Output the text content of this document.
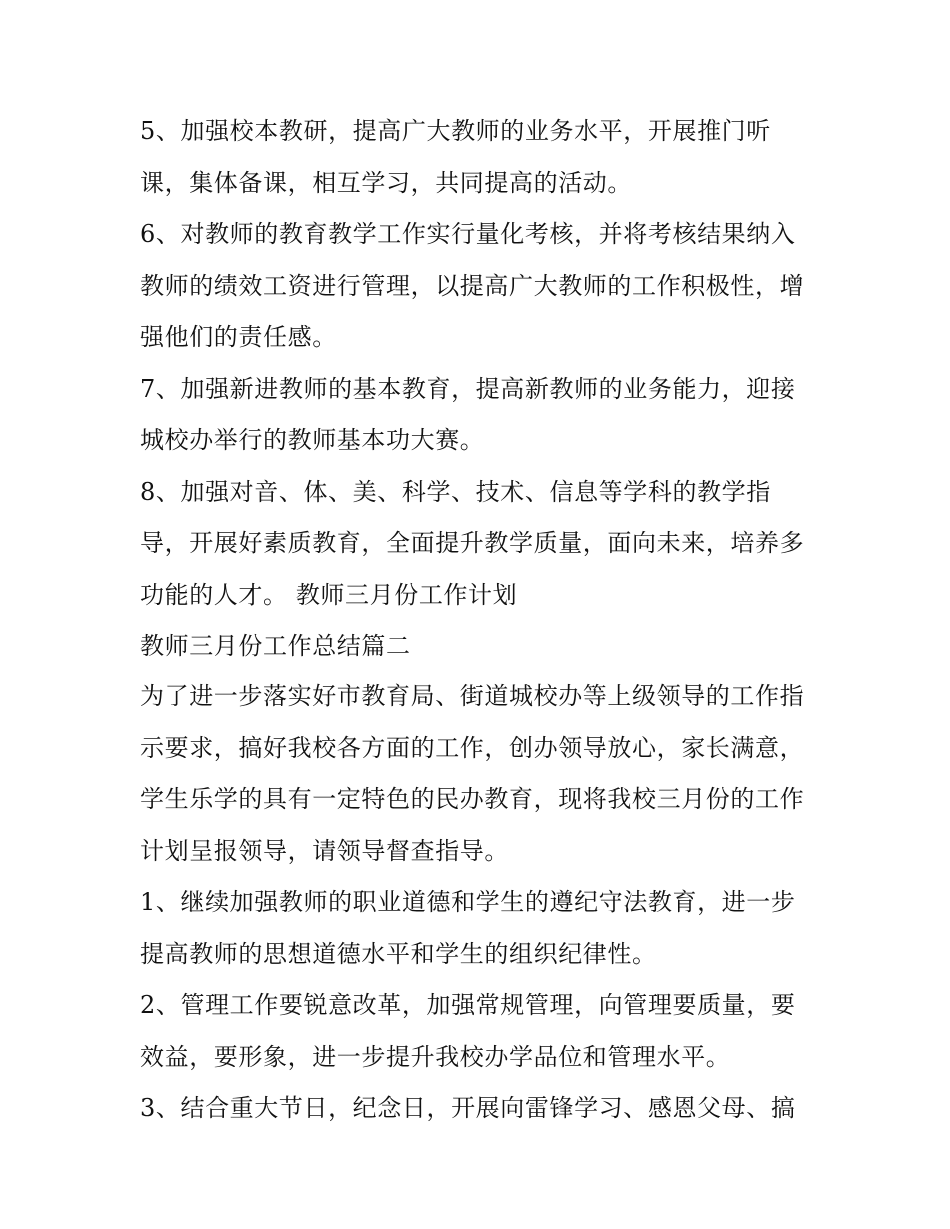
5、加强校本教研，提高广大教师的业务水平，开展推门听
课，集体备课，相互学习，共同提高的活动。
6、对教师的教育教学工作实行量化考核，并将考核结果纳入
教师的绩效工资进行管理，以提高广大教师的工作积极性，增
强他们的责任感。
7、加强新进教师的基本教育，提高新教师的业务能力，迎接
城校办举行的教师基本功大赛。
8、加强对音、体、美、科学、技术、信息等学科的教学指
导，开展好素质教育，全面提升教学质量，面向未来，培养多
功能的人才。 教师三月份工作计划
教师三月份工作总结篇二
为了进一步落实好市教育局、街道城校办等上级领导的工作指
示要求，搞好我校各方面的工作，创办领导放心，家长满意，
学生乐学的具有一定特色的民办教育，现将我校三月份的工作
计划呈报领导，请领导督查指导。
1、继续加强教师的职业道德和学生的遵纪守法教育，进一步
提高教师的思想道德水平和学生的组织纪律性。
2、管理工作要锐意改革，加强常规管理，向管理要质量，要
效益，要形象，进一步提升我校办学品位和管理水平。
3、结合重大节日，纪念日，开展向雷锋学习、感恩父母、搞
